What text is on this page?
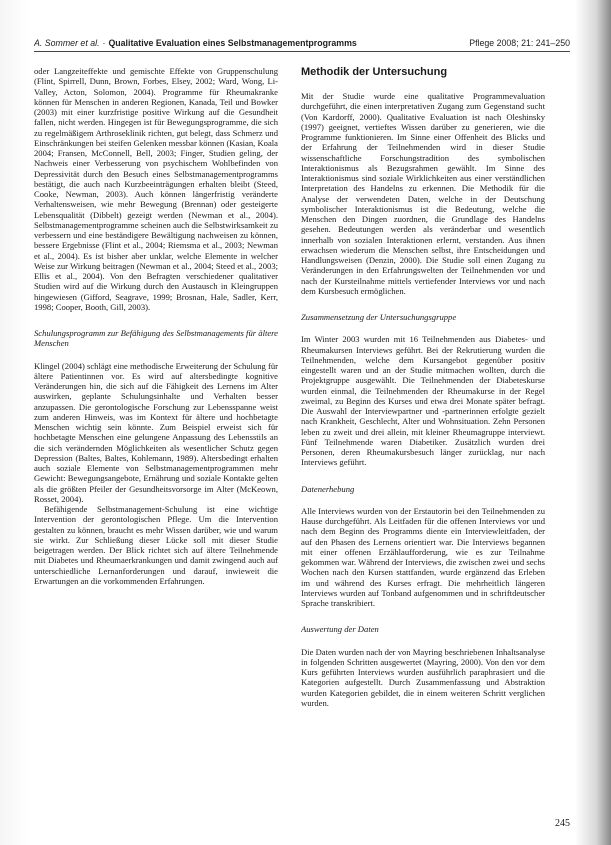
A. Sommer et al. · Qualitative Evaluation eines Selbstmanagementprogramms	Pflege 2008; 21: 241–250

oder Langzeiteffekte und gemischte Effekte von Gruppenschulung (Flint, Spirrell, Dunn, Brown, Forbes, Elsey, 2002; Ward, Wong, Li-Valley, Acton, Solomon, 2004). Programme für Rheumakranke können für Menschen in anderen Regionen, Kanada, Teil und Bowker (2003) mit einer kurzfristige positive Wirkung auf die Gesundheit fallen, nicht werden. Hingegen ist für Bewegungsprogramme, die sich zu regelmäßigem Arthroseklinik richten, gut belegt, dass Schmerz und Einschränkungen bei steifen Gelenken messbar können (Kasian, Koala 2004; Fransen, McConnell, Bell, 2003; Finger, Studien geling, der Nachweis einer Verbesserung von psychischem Wohlbefinden von Depressivität durch den Besuch eines Selbstmanagementprogramms bestätigt, die auch nach Kurzbeeinträgungen erhalten bleibt (Steed, Cooke, Newman, 2003). Auch können längerfristig veränderte Verhaltensweisen, wie mehr Bewegung (Brennan) oder gesteigerte Lebensqualität (Dibbelt) gezeigt werden (Newman et al., 2004). Selbstmanagementprogramme scheinen auch die Selbstwirksamkeit zu verbessern und eine beständigere Bewältigung nachweisen zu können, bessere Ergebnisse (Flint et al., 2004; Riemsma et al., 2003; Newman et al., 2004). Es ist bisher aber unklar, welche Elemente in welcher Weise zur Wirkung beitragen (Newman et al., 2004; Steed et al., 2003; Ellis et al., 2004). Von den Befragten verschiedener qualitativer Studien wird auf die Wirkung durch den Austausch in Kleingruppen hingewiesen (Gifford, Seagrave, 1999; Brosnan, Hale, Sadler, Kerr, 1998; Cooper, Booth, Gill, 2003).

Schulungsprogramm zur Befähigung des Selbstmanagements für ältere Menschen

Klingel (2004) schlägt eine methodische Erweiterung der Schulung für ältere Patientinnen vor. Es wird auf altersbedingte kognitive Veränderungen hin, die sich auf die Fähigkeit des Lernens im Alter auswirken, geplante Schulungsinhalte und Verhalten besser anzupassen. Die gerontologische Forschung zur Lebensspanne weist zum anderen Hinweis, was im Kontext für ältere und hochbetagte Menschen wichtig sein könnte. Zum Beispiel erweist sich für hochbetagte Menschen eine gelungene Anpassung des Lebensstils an die sich verändernden Möglichkeiten als wesentlicher Schutz gegen Depression (Baltes, Baltes, Kohlemann, 1989). Altersbedingt erhalten auch soziale Elemente von Selbstmanagementprogrammen mehr Gewicht: Bewegungsangebote, Ernährung und soziale Kontakte gelten als die größten Pfeiler der Gesundheitsvorsorge im Alter (McKeown, Rosset, 2004).

Befähigende Selbstmanagement-Schulung ist eine wichtige Intervention der gerontologischen Pflege. Um die Intervention gestalten zu können, braucht es mehr Wissen darüber, wie und warum sie wirkt. Zur Schließung dieser Lücke soll mit dieser Studie beigetragen werden. Der Blick richtet sich auf ältere Teilnehmende mit Diabetes und Rheumaerkrankungen und damit zwingend auch auf unterschiedliche Lernanforderungen und darauf, inwieweit die Erwartungen an die vorkommenden Erfahrungen.

Methodik der Untersuchung

Mit der Studie wurde eine qualitative Programmevaluation durchgeführt, die einen interpretativen Zugang zum Gegenstand sucht (Von Kardorff, 2000). Qualitative Evaluation ist nach Oleshinsky (1997) geeignet, vertieftes Wissen darüber zu generieren, wie die Programme funktionieren. Im Sinne einer Offenheit des Blicks und der Erfahrung der Teilnehmenden wird in dieser Studie wissenschaftliche Forschungstradition des symbolischen Interaktionismus als Bezugsrahmen gewählt. Im Sinne des Interaktionismus sind soziale Wirklichkeiten aus einer verständlichen Interpretation des Handelns zu erkennen. Die Methodik für die Analyse der verwendeten Daten, welche in der Deutschung symbolischer Interaktionismus ist die Bedeutung, welche die Menschen den Dingen zuordnen, die Grundlage des Handelns gesehen. Bedeutungen werden als veränderbar und wesentlich innerhalb von sozialen Interaktionen erlernt, verstanden. Aus ihnen erwachsen wiederum die Menschen selbst, ihre Entscheidungen und Handlungsweisen (Denzin, 2000). Die Studie soll einen Zugang zu Veränderungen in den Erfahrungswelten der Teilnehmenden vor und nach der Kursteilnahme mittels vertiefender Interviews vor und nach dem Kursbesuch ermöglichen.

Zusammensetzung der Untersuchungsgruppe

Im Winter 2003 wurden mit 16 Teilnehmenden aus Diabetes- und Rheumakursen Interviews geführt. Bei der Rekrutierung wurden die Teilnehmenden, welche dem Kursangebot gegenüber positiv eingestellt waren und an der Studie mitmachen wollten, durch die Projektgruppe ausgewählt. Die Teilnehmenden der Diabeteskurse wurden einmal, die Teilnehmenden der Rheumakurse in der Regel zweimal, zu Beginn des Kurses und etwa drei Monate später befragt. Die Auswahl der Interviewpartner und -partnerinnen erfolgte gezielt nach Krankheit, Geschlecht, Alter und Wohnsituation. Zehn Personen leben zu zweit und drei allein, mit kleiner Rheumagruppe interviewt. Fünf Teilnehmende waren Diabetiker. Zusätzlich wurden drei Personen, deren Rheumakursbesuch länger zurücklag, nur nach Interviews geführt.

Datenerhebung

Alle Interviews wurden von der Erstautorin bei den Teilnehmenden zu Hause durchgeführt. Als Leitfaden für die offenen Interviews vor und nach dem Beginn des Programms diente ein Interviewleitfaden, der auf den Phasen des Lernens orientiert war. Die Interviews begannen mit einer offenen Erzählaufforderung, wie es zur Teilnahme gekommen war. Während der Interviews, die zwischen zwei und sechs Wochen nach den Kursen stattfanden, wurde ergänzend das Erleben im und während des Kurses erfragt. Die mehrheitlich längeren Interviews wurden auf Tonband aufgenommen und in schriftdeutscher Sprache transkribiert.

Auswertung der Daten

Die Daten wurden nach der von Mayring beschriebenen Inhaltsanalyse in folgenden Schritten ausgewertet (Mayring, 2000). Von den vor dem Kurs geführten Interviews wurden ausführlich paraphrasiert und die Kategorien aufgestellt. Durch Zusammenfassung und Abstraktion wurden Kategorien gebildet, die in einem weiteren Schritt verglichen wurden.

245
